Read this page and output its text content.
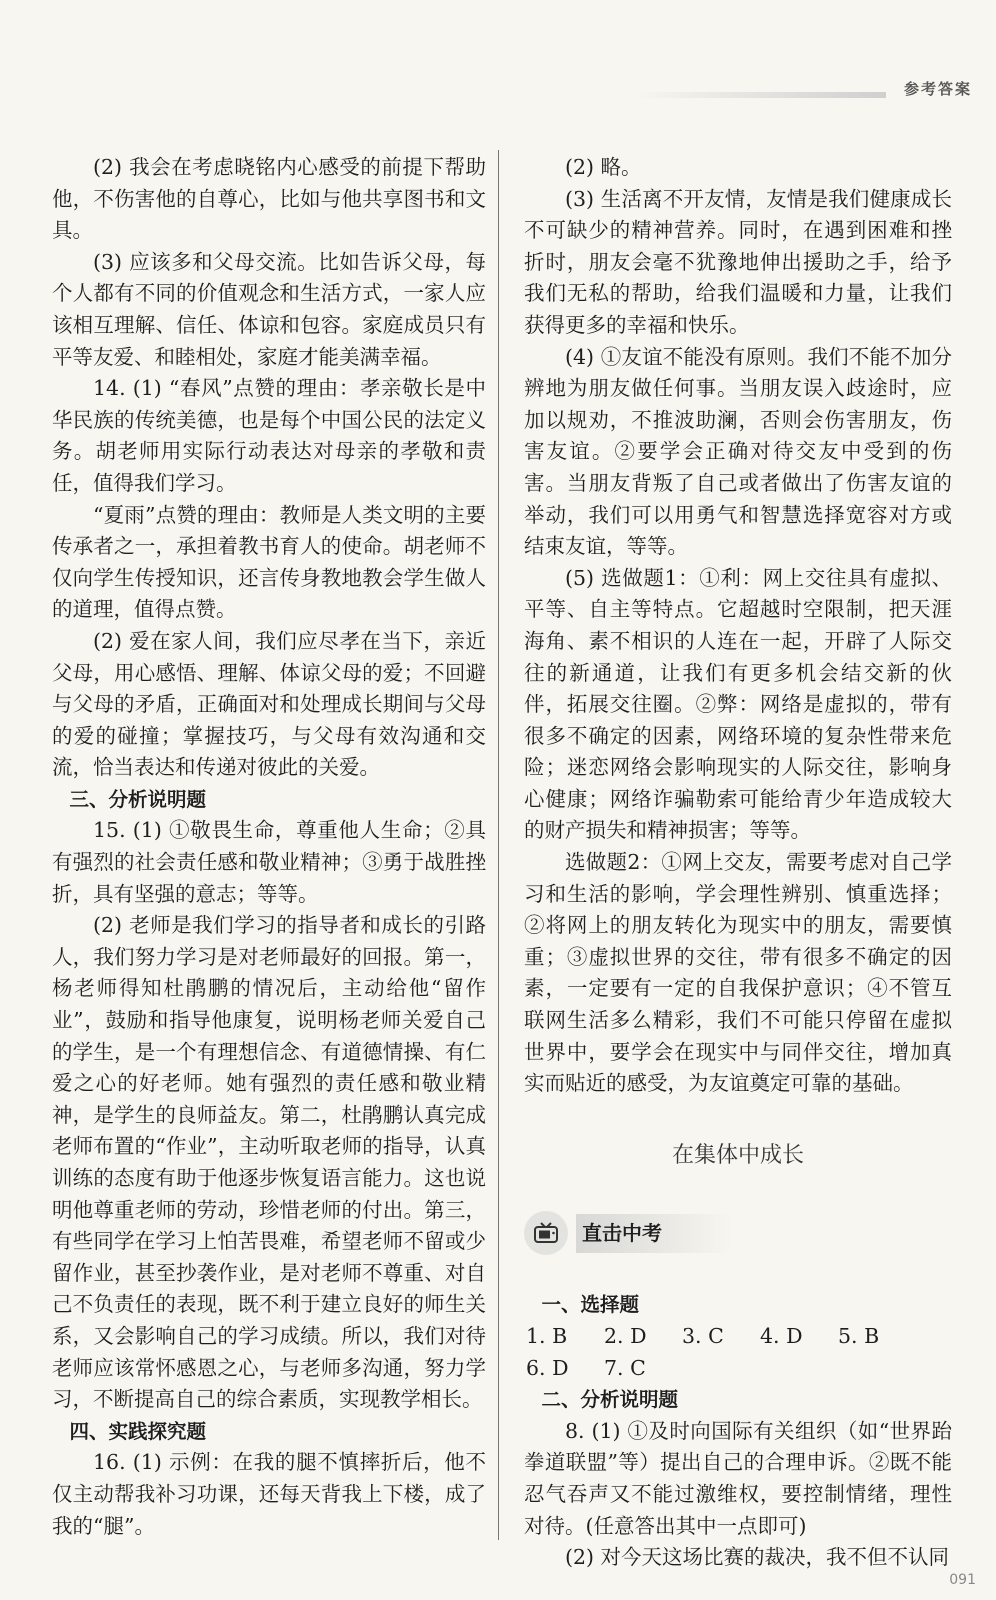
参考答案

(2) 我会在考虑晓铭内心感受的前提下帮助他，不伤害他的自尊心，比如与他共享图书和文具。

(3) 应该多和父母交流。比如告诉父母，每个人都有不同的价值观念和生活方式，一家人应该相互理解、信任、体谅和包容。家庭成员只有平等友爱、和睦相处，家庭才能美满幸福。

14. (1) “春风”点赞的理由：孝亲敬长是中华民族的传统美德，也是每个中国公民的法定义务。胡老师用实际行动表达对母亲的孝敬和责任，值得我们学习。

“夏雨”点赞的理由：教师是人类文明的主要传承者之一，承担着教书育人的使命。胡老师不仅向学生传授知识，还言传身教地教会学生做人的道理，值得点赞。

(2) 爱在家人间，我们应尽孝在当下，亲近父母，用心感悟、理解、体谅父母的爱；不回避与父母的矛盾，正确面对和处理成长期间与父母的爱的碰撞；掌握技巧，与父母有效沟通和交流，恰当表达和传递对彼此的关爱。

三、分析说明题

15. (1) ①敬畏生命，尊重他人生命；②具有强烈的社会责任感和敬业精神；③勇于战胜挫折，具有坚强的意志；等等。

(2) 老师是我们学习的指导者和成长的引路人，我们努力学习是对老师最好的回报。第一，杨老师得知杜鹃鹏的情况后，主动给他“留作业”，鼓励和指导他康复，说明杨老师关爱自己的学生，是一个有理想信念、有道德情操、有仁爱之心的好老师。她有强烈的责任感和敬业精神，是学生的良师益友。第二，杜鹃鹏认真完成老师布置的“作业”，主动听取老师的指导，认真训练的态度有助于他逐步恢复语言能力。这也说明他尊重老师的劳动，珍惜老师的付出。第三，有些同学在学习上怕苦畏难，希望老师不留或少留作业，甚至抄袭作业，是对老师不尊重、对自己不负责任的表现，既不利于建立良好的师生关系，又会影响自己的学习成绩。所以，我们对待老师应该常怀感恩之心，与老师多沟通，努力学习，不断提高自己的综合素质，实现教学相长。

四、实践探究题

16. (1) 示例：在我的腿不慎摔折后，他不仅主动帮我补习功课，还每天背我上下楼，成了我的“腿”。

(2) 略。

(3) 生活离不开友情，友情是我们健康成长不可缺少的精神营养。同时，在遇到困难和挫折时，朋友会毫不犹豫地伸出援助之手，给予我们无私的帮助，给我们温暖和力量，让我们获得更多的幸福和快乐。

(4) ①友谊不能没有原则。我们不能不加分辨地为朋友做任何事。当朋友误入歧途时，应加以规劝，不推波助澜，否则会伤害朋友，伤害友谊。②要学会正确对待交友中受到的伤害。当朋友背叛了自己或者做出了伤害友谊的举动，我们可以用勇气和智慧选择宽容对方或结束友谊，等等。

(5) 选做题1：①利：网上交往具有虚拟、平等、自主等特点。它超越时空限制，把天涯海角、素不相识的人连在一起，开辟了人际交往的新通道，让我们有更多机会结交新的伙伴，拓展交往圈。②弊：网络是虚拟的，带有很多不确定的因素，网络环境的复杂性带来危险；迷恋网络会影响现实的人际交往，影响身心健康；网络诈骗勒索可能给青少年造成较大的财产损失和精神损害；等等。

选做题2：①网上交友，需要考虑对自己学习和生活的影响，学会理性辨别、慎重选择；②将网上的朋友转化为现实中的朋友，需要慎重；③虚拟世界的交往，带有很多不确定的因素，一定要有一定的自我保护意识；④不管互联网生活多么精彩，我们不可能只停留在虚拟世界中，要学会在现实中与同伴交往，增加真实而贴近的感受，为友谊奠定可靠的基础。

在集体中成长
直击中考

一、选择题

1. B	2. D	3. C	4. D	5. B
6. D	7. C

二、分析说明题

8. (1) ①及时向国际有关组织（如“世界跆拳道联盟”等）提出自己的合理申诉。②既不能忍气吞声又不能过激维权，要控制情绪，理性对待。(任意答出其中一点即可)

(2) 对今天这场比赛的裁决，我不但不认同

091
